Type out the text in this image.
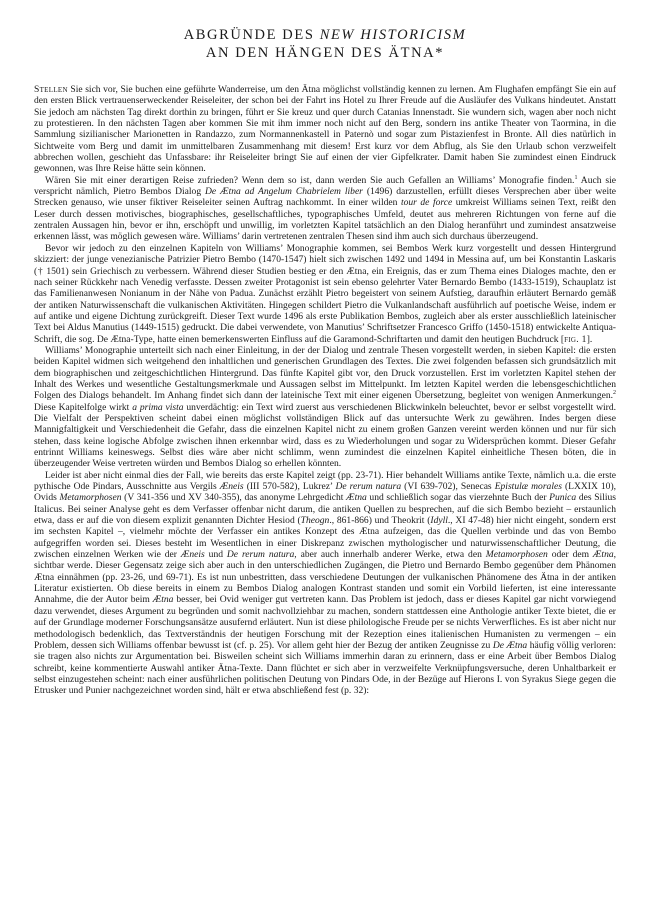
ABGRÜNDE DES NEW HISTORICISM
AN DEN HÄNGEN DES ÄTNA*

Stellen Sie sich vor, Sie buchen eine geführte Wanderreise, um den Ätna möglichst vollständig kennen zu lernen. Am Flughafen empfängt Sie ein auf den ersten Blick vertrauenserweckender Reiseleiter, der schon bei der Fahrt ins Hotel zu Ihrer Freude auf die Ausläufer des Vulkans hindeutet. Anstatt Sie jedoch am nächsten Tag direkt dorthin zu bringen, führt er Sie kreuz und quer durch Catanias Innenstadt. Sie wundern sich, wagen aber noch nicht zu protestieren. In den nächsten Tagen aber kommen Sie mit ihm immer noch nicht auf den Berg, sondern ins antike Theater von Taormina, in die Sammlung sizilianischer Marionetten in Randazzo, zum Normannenkastell in Paternò und sogar zum Pistazienfest in Bronte. All dies natürlich in Sichtweite vom Berg und damit im unmittelbaren Zusammenhang mit diesem! Erst kurz vor dem Abflug, als Sie den Urlaub schon verzweifelt abbrechen wollen, geschieht das Unfassbare: ihr Reiseleiter bringt Sie auf einen der vier Gipfelkrater. Damit haben Sie zumindest einen Eindruck gewonnen, was Ihre Reise hätte sein können.

Wären Sie mit einer derartigen Reise zufrieden? Wenn dem so ist, dann werden Sie auch Gefallen an Williams’ Monografie finden.$^1$ Auch sie verspricht nämlich, Pietro Bembos Dialog De Ætna ad Angelum Chabrielem liber (1496) darzustellen, erfüllt dieses Versprechen aber über weite Strecken genauso, wie unser fiktiver Reiseleiter seinen Auftrag nachkommt. In einer wilden tour de force umkreist Williams seinen Text, reißt den Leser durch dessen motivisches, biographisches, gesellschaftliches, typographisches Umfeld, deutet aus mehreren Richtungen von ferne auf die zentralen Aussagen hin, bevor er ihn, erschöpft und unwillig, im vorletzten Kapitel tatsächlich an den Dialog heranführt und zumindest ansatzweise erkennen lässt, was möglich gewesen wäre. Williams’ darin vertretenen zentralen Thesen sind ihm auch sich durchaus überzeugend.

Bevor wir jedoch zu den einzelnen Kapiteln von Williams’ Monographie kommen, sei Bembos Werk kurz vorgestellt und dessen Hintergrund skizziert: der junge venezianische Patrizier Pietro Bembo (1470-1547) hielt sich zwischen 1492 und 1494 in Messina auf, um bei Konstantin Laskaris († 1501) sein Griechisch zu verbessern. Während dieser Studien bestieg er den Ætna, ein Ereignis, das er zum Thema eines Dialoges machte, den er nach seiner Rückkehr nach Venedig verfasste. Dessen zweiter Protagonist ist sein ebenso gelehrter Vater Bernardo Bembo (1433-1519), Schauplatz ist das Familienanwesen Nonianum in der Nähe von Padua. Zunächst erzählt Pietro begeistert von seinem Aufstieg, daraufhin erläutert Bernardo gemäß der antiken Naturwissenschaft die vulkanischen Aktivitäten. Hingegen schildert Pietro die Vulkanlandschaft ausführlich auf poetische Weise, indem er auf antike und eigene Dichtung zurückgreift. Dieser Text wurde 1496 als erste Publikation Bembos, zugleich aber als erster ausschließlich lateinischer Text bei Aldus Manutius (1449-1515) gedruckt. Die dabei verwendete, von Manutius’ Schriftsetzer Francesco Griffo (1450-1518) entwickelte Antiqua-Schrift, die sog. De Ætna-Type, hatte einen bemerkenswerten Einfluss auf die Garamond-Schriftarten und damit den heutigen Buchdruck [fig. 1].

Williams’ Monographie unterteilt sich nach einer Einleitung, in der der Dialog und zentrale Thesen vorgestellt werden, in sieben Kapitel: die ersten beiden Kapitel widmen sich weitgehend den inhaltlichen und generischen Grundlagen des Textes. Die zwei folgenden befassen sich grundsätzlich mit dem biographischen und zeitgeschichtlichen Hintergrund. Das fünfte Kapitel gibt vor, den Druck vorzustellen. Erst im vorletzten Kapitel stehen der Inhalt des Werkes und wesentliche Gestaltungsmerkmale und Aussagen selbst im Mittelpunkt. Im letzten Kapitel werden die lebensgeschichtlichen Folgen des Dialogs behandelt. Im Anhang findet sich dann der lateinische Text mit einer eigenen Übersetzung, begleitet von wenigen Anmerkungen.$^2$ Diese Kapitelfolge wirkt a prima vista unverdächtig: ein Text wird zuerst aus verschiedenen Blickwinkeln beleuchtet, bevor er selbst vorgestellt wird. Die Vielfalt der Perspektiven scheint dabei einen möglichst vollständigen Blick auf das untersuchte Werk zu gewähren. Indes bergen diese Mannigfaltigkeit und Verschiedenheit die Gefahr, dass die einzelnen Kapitel nicht zu einem großen Ganzen vereint werden können und nur für sich stehen, dass keine logische Abfolge zwischen ihnen erkennbar wird, dass es zu Wiederholungen und sogar zu Widersprüchen kommt. Dieser Gefahr entrinnt Williams keineswegs. Selbst dies wäre aber nicht schlimm, wenn zumindest die einzelnen Kapitel einheitliche Thesen böten, die in überzeugender Weise vertreten würden und Bembos Dialog so erhellen könnten.

Leider ist aber nicht einmal dies der Fall, wie bereits das erste Kapitel zeigt (pp. 23-71). Hier behandelt Williams antike Texte, nämlich u.a. die erste pythische Ode Pindars, Ausschnitte aus Vergils Æneis (III 570-582), Lukrez’ De rerum natura (VI 639-702), Senecas Epistulæ morales (LXXIX 10), Ovids Metamorphosen (V 341-356 und XV 340-355), das anonyme Lehrgedicht Ætna und schließlich sogar das vierzehnte Buch der Punica des Silius Italicus. Bei seiner Analyse geht es dem Verfasser offenbar nicht darum, die antiken Quellen zu besprechen, auf die sich Bembo bezieht – erstaunlich etwa, dass er auf die von diesem explizit genannten Dichter Hesiod (Theogn., 861-866) und Theokrit (Idyll., XI 47-48) hier nicht eingeht, sondern erst im sechsten Kapitel –, vielmehr möchte der Verfasser ein antikes Konzept des Ætna aufzeigen, das die Quellen verbinde und das von Bembo aufgegriffen worden sei. Dieses besteht im Wesentlichen in einer Diskrepanz zwischen mythologischer und naturwissenschaftlicher Deutung, die zwischen einzelnen Werken wie der Æneis und De rerum natura, aber auch innerhalb anderer Werke, etwa den Metamorphosen oder dem Ætna, sichtbar werde. Dieser Gegensatz zeige sich aber auch in den unterschiedlichen Zugängen, die Pietro und Bernardo Bembo gegenüber dem Phänomen Ætna einnähmen (pp. 23-26, und 69-71). Es ist nun unbestritten, dass verschiedene Deutungen der vulkanischen Phänomene des Ätna in der antiken Literatur existierten. Ob diese bereits in einem zu Bembos Dialog analogen Kontrast standen und somit ein Vorbild lieferten, ist eine interessante Annahme, die der Autor beim Ætna besser, bei Ovid weniger gut vertreten kann. Das Problem ist jedoch, dass er dieses Kapitel gar nicht vorwiegend dazu verwendet, dieses Argument zu begründen und somit nachvollziehbar zu machen, sondern stattdessen eine Anthologie antiker Texte bietet, die er auf der Grundlage moderner Forschungsansätze ausufernd erläutert. Nun ist diese philologische Freude per se nichts Verwerfliches. Es ist aber nicht nur methodologisch bedenklich, das Textverständnis der heutigen Forschung mit der Rezeption eines italienischen Humanisten zu vermengen – ein Problem, dessen sich Williams offenbar bewusst ist (cf. p. 25). Vor allem geht hier der Bezug der antiken Zeugnisse zu De Ætna häufig völlig verloren: sie tragen also nichts zur Argumentation bei. Bisweilen scheint sich Williams immerhin daran zu erinnern, dass er eine Arbeit über Bembos Dialog schreibt, keine kommentierte Auswahl antiker Ätna-Texte. Dann flüchtet er sich aber in verzweifelte Verknüpfungsversuche, deren Unhaltbarkeit er selbst einzugestehen scheint: nach einer ausführlichen politischen Deutung von Pindars Ode, in der Bezüge auf Hierons I. von Syrakus Siege gegen die Etrusker und Punier nachgezeichnet worden sind, hält er etwa abschließend fest (p. 32):
